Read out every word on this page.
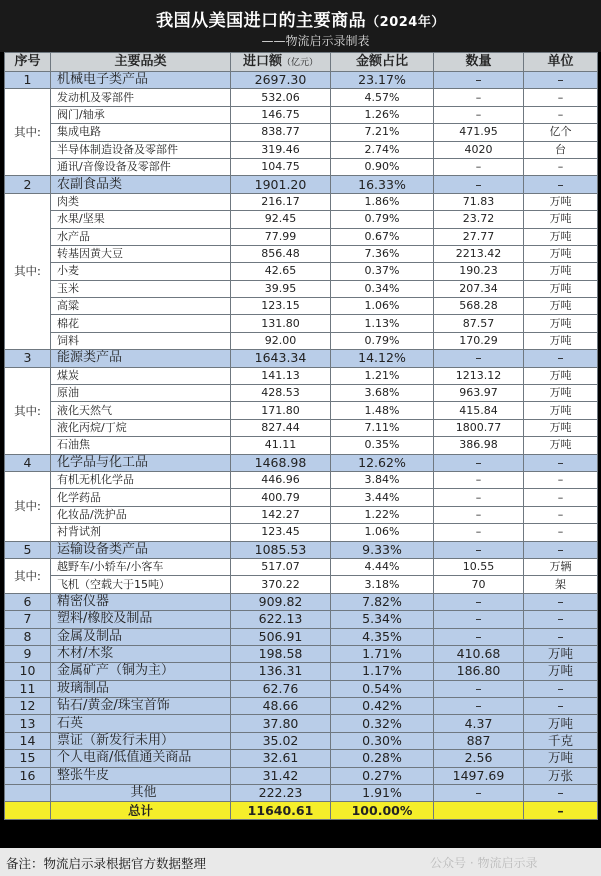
我国从美国进口的主要商品（2024年）
——物流启示录制表
序号	主要品类	进口额（亿元）	金额占比	数量	单位
1	机械电子类产品	2697.30	23.17%	–	–
其中:	发动机及零部件	532.06	4.57%	–	–
	阀门/轴承	146.75	1.26%	–	–
	集成电路	838.77	7.21%	471.95	亿个
	半导体制造设备及零部件	319.46	2.74%	4020	台
	通讯/音像设备及零部件	104.75	0.90%	–	–
2	农副食品类	1901.20	16.33%	–	–
其中:	肉类	216.17	1.86%	71.83	万吨
	水果/坚果	92.45	0.79%	23.72	万吨
	水产品	77.99	0.67%	27.77	万吨
	转基因黄大豆	856.48	7.36%	2213.42	万吨
	小麦	42.65	0.37%	190.23	万吨
	玉米	39.95	0.34%	207.34	万吨
	高粱	123.15	1.06%	568.28	万吨
	棉花	131.80	1.13%	87.57	万吨
	饲料	92.00	0.79%	170.29	万吨
3	能源类产品	1643.34	14.12%	–	–
其中:	煤炭	141.13	1.21%	1213.12	万吨
	原油	428.53	3.68%	963.97	万吨
	液化天然气	171.80	1.48%	415.84	万吨
	液化丙烷/丁烷	827.44	7.11%	1800.77	万吨
	石油焦	41.11	0.35%	386.98	万吨
4	化学品与化工品	1468.98	12.62%	–	–
其中:	有机无机化学品	446.96	3.84%	–	–
	化学药品	400.79	3.44%	–	–
	化妆品/洗护品	142.27	1.22%	–	–
	衬背试剂	123.45	1.06%	–	–
5	运输设备类产品	1085.53	9.33%	–	–
其中:	越野车/小轿车/小客车	517.07	4.44%	10.55	万辆
	飞机（空载大于15吨）	370.22	3.18%	70	架
6	精密仪器	909.82	7.82%	–	–
7	塑料/橡胶及制品	622.13	5.34%	–	–
8	金属及制品	506.91	4.35%	–	–
9	木材/木浆	198.58	1.71%	410.68	万吨
10	金属矿产（铜为主）	136.31	1.17%	186.80	万吨
11	玻璃制品	62.76	0.54%	–	–
12	钻石/黄金/珠宝首饰	48.66	0.42%	–	–
13	石英	37.80	0.32%	4.37	万吨
14	票证（新发行未用）	35.02	0.30%	887	千克
15	个人电商/低值通关商品	32.61	0.28%	2.56	万吨
16	整张牛皮	31.42	0.27%	1497.69	万张
	其他	222.23	1.91%	–	–
	总计	11640.61	100.00%		–
备注：物流启示录根据官方数据整理	公众号 · 物流启示录
